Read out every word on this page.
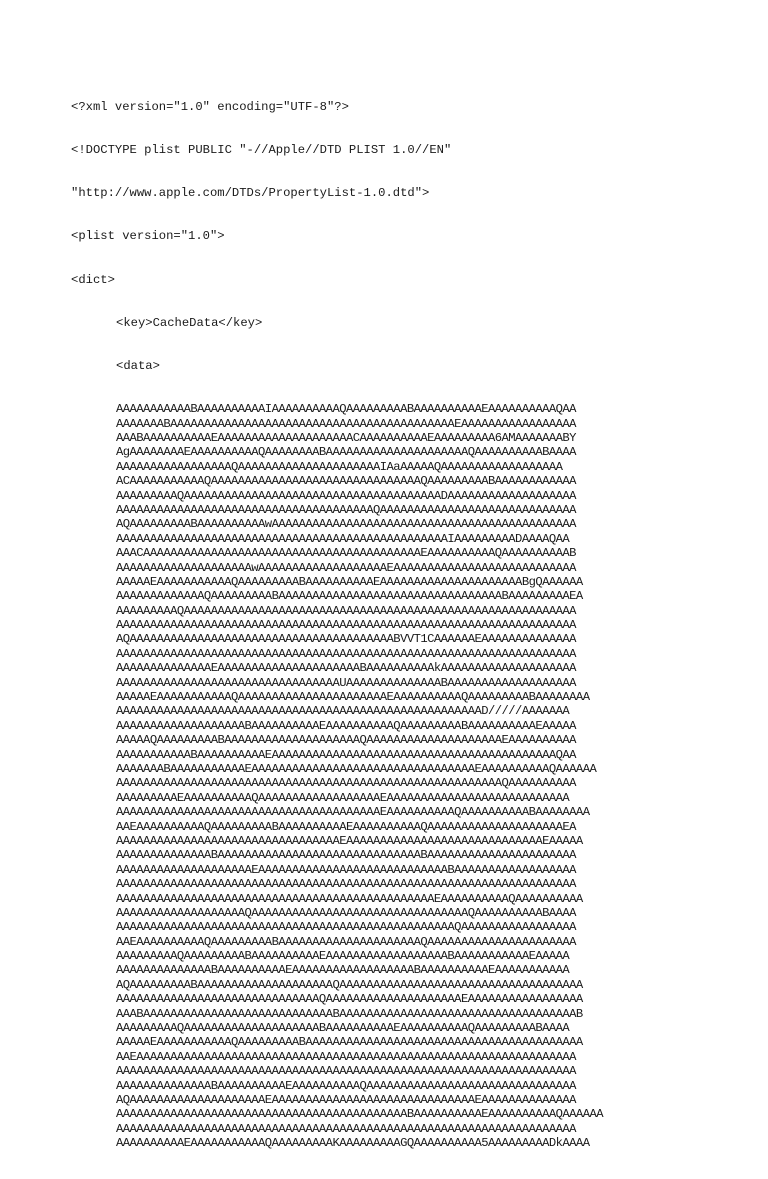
<?xml version="1.0" encoding="UTF-8"?>

<!DOCTYPE plist PUBLIC "-//Apple//DTD PLIST 1.0//EN"

"http://www.apple.com/DTDs/PropertyList-1.0.dtd">

<plist version="1.0">

<dict>

<key>CacheData</key>

<data>

AAAAAAAAAAABAAAAAAAAAAIAAAAAAAAAAQAAAAAAAAABAAAAAAAAAAEAAAAAAAAAAQAA
AAAAAAABAAAAAAAAAAAAAAAAAAAAAAAAAAAAAAAAAAAAAAAAAAEAAAAAAAAAAAAAAAAA
AAABAAAAAAAAAAEAAAAAAAAAAAAAAAAAAAACAAAAAAAAAAEAAAAAAAAA6AMAAAAAAABY
AgAAAAAAAAEAAAAAAAAAAQAAAAAAAABAAAAAAAAAAAAAAAAAAAAAQAAAAAAAAAABAAAA
AAAAAAAAAAAAAAAAAQAAAAAAAAAAAAAAAAAAAAAIAaAAAAAQAAAAAAAAAAAAAAAAAA
ACAAAAAAAAAAAQAAAAAAAAAAAAAAAAAAAAAAAAAAAAAAAQAAAAAAAAABAAAAAAAAAAAA
AAAAAAAAAQAAAAAAAAAAAAAAAAAAAAAAAAAAAAAAAAAAAAAADAAAAAAAAAAAAAAAAAAA
AAAAAAAAAAAAAAAAAAAAAAAAAAAAAAAAAAAAAAQAAAAAAAAAAAAAAAAAAAAAAAAAAAAA
AQAAAAAAAAABAAAAAAAAAAwAAAAAAAAAAAAAAAAAAAAAAAAAAAAAAAAAAAAAAAAAAAAA
AAAAAAAAAAAAAAAAAAAAAAAAAAAAAAAAAAAAAAAAAAAAAAAAAIAAAAAAAAADAAAAQAA
AAACAAAAAAAAAAAAAAAAAAAAAAAAAAAAAAAAAAAAAAAAAEAAAAAAAAAAQAAAAAAAAAAB
AAAAAAAAAAAAAAAAAAAAwAAAAAAAAAAAAAAAAAAAEAAAAAAAAAAAAAAAAAAAAAAAAAAA
AAAAAEAAAAAAAAAAAQAAAAAAAAABAAAAAAAAAAEAAAAAAAAAAAAAAAAAAAAABgQAAAAAA
AAAAAAAAAAAAAQAAAAAAAAABAAAAAAAAAAAAAAAAAAAAAAAAAAAAAAAAABAAAAAAAAAEA
AAAAAAAAAQAAAAAAAAAAAAAAAAAAAAAAAAAAAAAAAAAAAAAAAAAAAAAAAAAAAAAAAAAA
AAAAAAAAAAAAAAAAAAAAAAAAAAAAAAAAAAAAAAAAAAAAAAAAAAAAAAAAAAAAAAAAAAAA
AQAAAAAAAAAAAAAAAAAAAAAAAAAAAAAAAAAAAAAAABVVT1CAAAAAAEAAAAAAAAAAAAAA
AAAAAAAAAAAAAAAAAAAAAAAAAAAAAAAAAAAAAAAAAAAAAAAAAAAAAAAAAAAAAAAAAAAA
AAAAAAAAAAAAAAEAAAAAAAAAAAAAAAAAAAAABAAAAAAAAAAkAAAAAAAAAAAAAAAAAAAA
AAAAAAAAAAAAAAAAAAAAAAAAAAAAAAAAAUAAAAAAAAAAAAAABAAAAAAAAAAAAAAAAAAA
AAAAAEAAAAAAAAAAAQAAAAAAAAAAAAAAAAAAAAAAEAAAAAAAAAAQAAAAAAAAABAAAAAAAA
AAAAAAAAAAAAAAAAAAAAAAAAAAAAAAAAAAAAAAAAAAAAAAAAAAAAAAD/////AAAAAAA
AAAAAAAAAAAAAAAAAAABAAAAAAAAAAEAAAAAAAAAAQAAAAAAAAABAAAAAAAAAAEAAAAA
AAAAAQAAAAAAAAABAAAAAAAAAAAAAAAAAAAAQAAAAAAAAAAAAAAAAAAAAEAAAAAAAAAA
AAAAAAAAAAABAAAAAAAAAAEAAAAAAAAAAAAAAAAAAAAAAAAAAAAAAAAAAAAAAAAAAQAA
AAAAAAABAAAAAAAAAAAEAAAAAAAAAAAAAAAAAAAAAAAAAAAAAAAAAEAAAAAAAAAAQAAAAAA
AAAAAAAAAAAAAAAAAAAAAAAAAAAAAAAAAAAAAAAAAAAAAAAAAAAAAAAAAQAAAAAAAAAA
AAAAAAAAAEAAAAAAAAAAQAAAAAAAAAAAAAAAAAAEAAAAAAAAAAAAAAAAAAAAAAAAAAA
AAAAAAAAAAAAAAAAAAAAAAAAAAAAAAAAAAAAAAAEAAAAAAAAAAQAAAAAAAAAABAAAAAAAA
AAEAAAAAAAAAAQAAAAAAAAABAAAAAAAAAAEAAAAAAAAAAQAAAAAAAAAAAAAAAAAAAAEA
AAAAAAAAAAAAAAAAAAAAAAAAAAAAAAAAAEAAAAAAAAAAAAAAAAAAAAAAAAAAAAAEAAAAA
AAAAAAAAAAAAAABAAAAAAAAAAAAAAAAAAAAAAAAAAAAAABAAAAAAAAAAAAAAAAAAAAAA
AAAAAAAAAAAAAAAAAAAAEAAAAAAAAAAAAAAAAAAAAAAAAAAAABAAAAAAAAAAAAAAAAAA
AAAAAAAAAAAAAAAAAAAAAAAAAAAAAAAAAAAAAAAAAAAAAAAAAAAAAAAAAAAAAAAAAAAA
AAAAAAAAAAAAAAAAAAAAAAAAAAAAAAAAAAAAAAAAAAAAAAAEAAAAAAAAAAQAAAAAAAAAA
AAAAAAAAAAAAAAAAAAAQAAAAAAAAAAAAAAAAAAAAAAAAAAAAAAAAQAAAAAAAAAABAAAA
AAAAAAAAAAAAAAAAAAAAAAAAAAAAAAAAAAAAAAAAAAAAAAAAAAQAAAAAAAAAAAAAAAAA
AAEAAAAAAAAAAQAAAAAAAAABAAAAAAAAAAAAAAAAAAAAAQAAAAAAAAAAAAAAAAAAAAAA
AAAAAAAAAQAAAAAAAAABAAAAAAAAAAEAAAAAAAAAAAAAAAAAABAAAAAAAAAAAEAAAAA
AAAAAAAAAAAAAABAAAAAAAAAAEAAAAAAAAAAAAAAAAAABAAAAAAAAAAEAAAAAAAAAAA
AQAAAAAAAAABAAAAAAAAAAAAAAAAAAAAQAAAAAAAAAAAAAAAAAAAAAAAAAAAAAAAAAAAA
AAAAAAAAAAAAAAAAAAAAAAAAAAAAAAQAAAAAAAAAAAAAAAAAAAAEAAAAAAAAAAAAAAAAA
AAABAAAAAAAAAAAAAAAAAAAAAAAAAAAABAAAAAAAAAAAAAAAAAAAAAAAAAAAAAAAAAAAB
AAAAAAAAAQAAAAAAAAAAAAAAAAAAAABAAAAAAAAAAEAAAAAAAAAAQAAAAAAAAABAAAA
AAAAAEAAAAAAAAAAAQAAAAAAAAABAAAAAAAAAAAAAAAAAAAAAAAAAAAAAAAAAAAAAAAAA
AAEAAAAAAAAAAAAAAAAAAAAAAAAAAAAAAAAAAAAAAAAAAAAAAAAAAAAAAAAAAAAAAAAA
AAAAAAAAAAAAAAAAAAAAAAAAAAAAAAAAAAAAAAAAAAAAAAAAAAAAAAAAAAAAAAAAAAAA
AAAAAAAAAAAAAABAAAAAAAAAAEAAAAAAAAAAQAAAAAAAAAAAAAAAAAAAAAAAAAAAAAAA
AQAAAAAAAAAAAAAAAAAAAAEAAAAAAAAAAAAAAAAAAAAAAAAAAAAAAEAAAAAAAAAAAAAA
AAAAAAAAAAAAAAAAAAAAAAAAAAAAAAAAAAAAAAAAAAABAAAAAAAAAAEAAAAAAAAAAQAAAAAA
AAAAAAAAAAAAAAAAAAAAAAAAAAAAAAAAAAAAAAAAAAAAAAAAAAAAAAAAAAAAAAAAAAAA
AAAAAAAAAAEAAAAAAAAAAAQAAAAAAAAAKAAAAAAAAAGQAAAAAAAAAA5AAAAAAAAADkAAAA
